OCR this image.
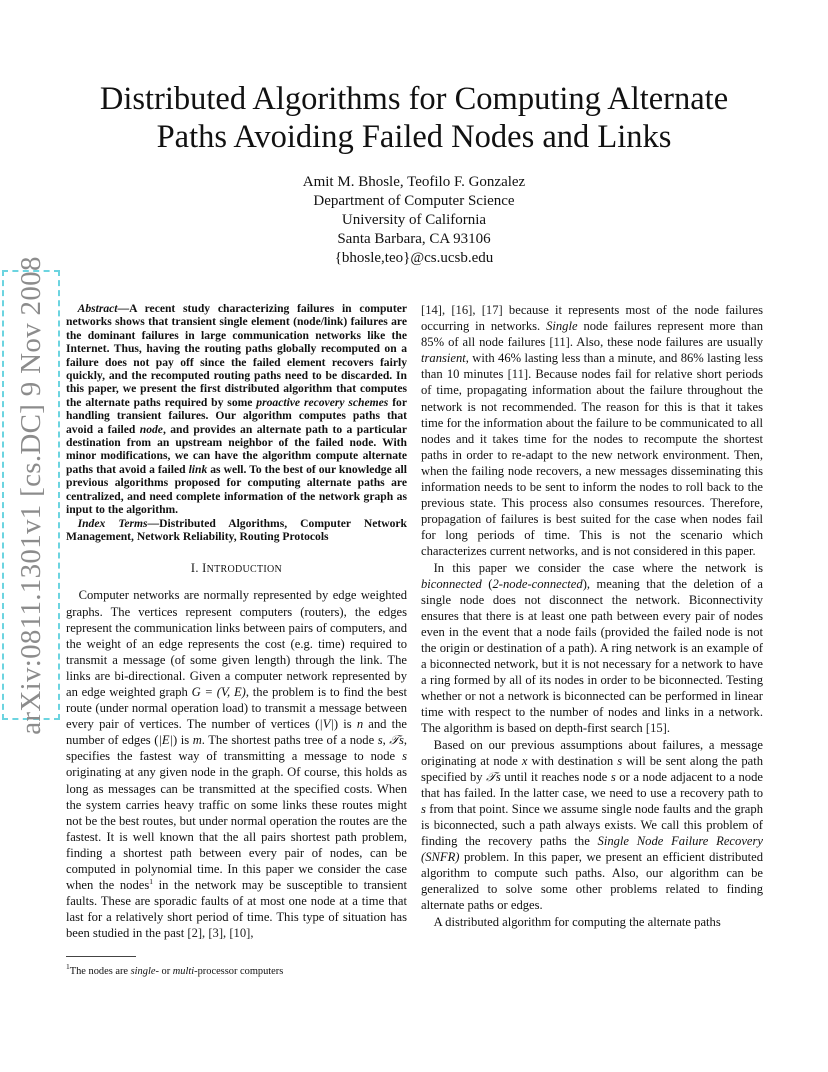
arXiv:0811.1301v1 [cs.DC] 9 Nov 2008
Distributed Algorithms for Computing Alternate
Paths Avoiding Failed Nodes and Links
Amit M. Bhosle, Teofilo F. Gonzalez
Department of Computer Science
University of California
Santa Barbara, CA 93106
{bhosle,teo}@cs.ucsb.edu

Abstract—A recent study characterizing failures in computer networks shows that transient single element (node/link) failures are the dominant failures in large communication networks like the Internet. Thus, having the routing paths globally recomputed on a failure does not pay off since the failed element recovers fairly quickly, and the recomputed routing paths need to be discarded. In this paper, we present the first distributed algorithm that computes the alternate paths required by some proactive recovery schemes for handling transient failures. Our algorithm computes paths that avoid a failed node, and provides an alternate path to a particular destination from an upstream neighbor of the failed node. With minor modifications, we can have the algorithm compute alternate paths that avoid a failed link as well. To the best of our knowledge all previous algorithms proposed for computing alternate paths are centralized, and need complete information of the network graph as input to the algorithm.

Index Terms—Distributed Algorithms, Computer Network Management, Network Reliability, Routing Protocols

I. INTRODUCTION

Computer networks are normally represented by edge weighted graphs. The vertices represent computers (routers), the edges represent the communication links between pairs of computers, and the weight of an edge represents the cost (e.g. time) required to transmit a message (of some given length) through the link. The links are bi-directional. Given a computer network represented by an edge weighted graph G = (V, E), the problem is to find the best route (under normal operation load) to transmit a message between every pair of vertices. The number of vertices (|V|) is n and the number of edges (|E|) is m. The shortest paths tree of a node s, 𝒯s, specifies the fastest way of transmitting a message to node s originating at any given node in the graph. Of course, this holds as long as messages can be transmitted at the specified costs. When the system carries heavy traffic on some links these routes might not be the best routes, but under normal operation the routes are the fastest. It is well known that the all pairs shortest path problem, finding a shortest path between every pair of nodes, can be computed in polynomial time. In this paper we consider the case when the nodes$^1$ in the network may be susceptible to transient faults. These are sporadic faults of at most one node at a time that last for a relatively short period of time. This type of situation has been studied in the past [2], [3], [10],

[14], [16], [17] because it represents most of the node failures occurring in networks. Single node failures represent more than 85% of all node failures [11]. Also, these node failures are usually transient, with 46% lasting less than a minute, and 86% lasting less than 10 minutes [11]. Because nodes fail for relative short periods of time, propagating information about the failure throughout the network is not recommended. The reason for this is that it takes time for the information about the failure to be communicated to all nodes and it takes time for the nodes to recompute the shortest paths in order to re-adapt to the new network environment. Then, when the failing node recovers, a new messages disseminating this information needs to be sent to inform the nodes to roll back to the previous state. This process also consumes resources. Therefore, propagation of failures is best suited for the case when nodes fail for long periods of time. This is not the scenario which characterizes current networks, and is not considered in this paper.

In this paper we consider the case where the network is biconnected (2-node-connected), meaning that the deletion of a single node does not disconnect the network. Biconnectivity ensures that there is at least one path between every pair of nodes even in the event that a node fails (provided the failed node is not the origin or destination of a path). A ring network is an example of a biconnected network, but it is not necessary for a network to have a ring formed by all of its nodes in order to be biconnected. Testing whether or not a network is biconnected can be performed in linear time with respect to the number of nodes and links in a network. The algorithm is based on depth-first search [15].

Based on our previous assumptions about failures, a message originating at node x with destination s will be sent along the path specified by 𝒯s until it reaches node s or a node adjacent to a node that has failed. In the latter case, we need to use a recovery path to s from that point. Since we assume single node faults and the graph is biconnected, such a path always exists. We call this problem of finding the recovery paths the Single Node Failure Recovery (SNFR) problem. In this paper, we present an efficient distributed algorithm to compute such paths. Also, our algorithm can be generalized to solve some other problems related to finding alternate paths or edges.

A distributed algorithm for computing the alternate paths

$^1$The nodes are single- or multi-processor computers
